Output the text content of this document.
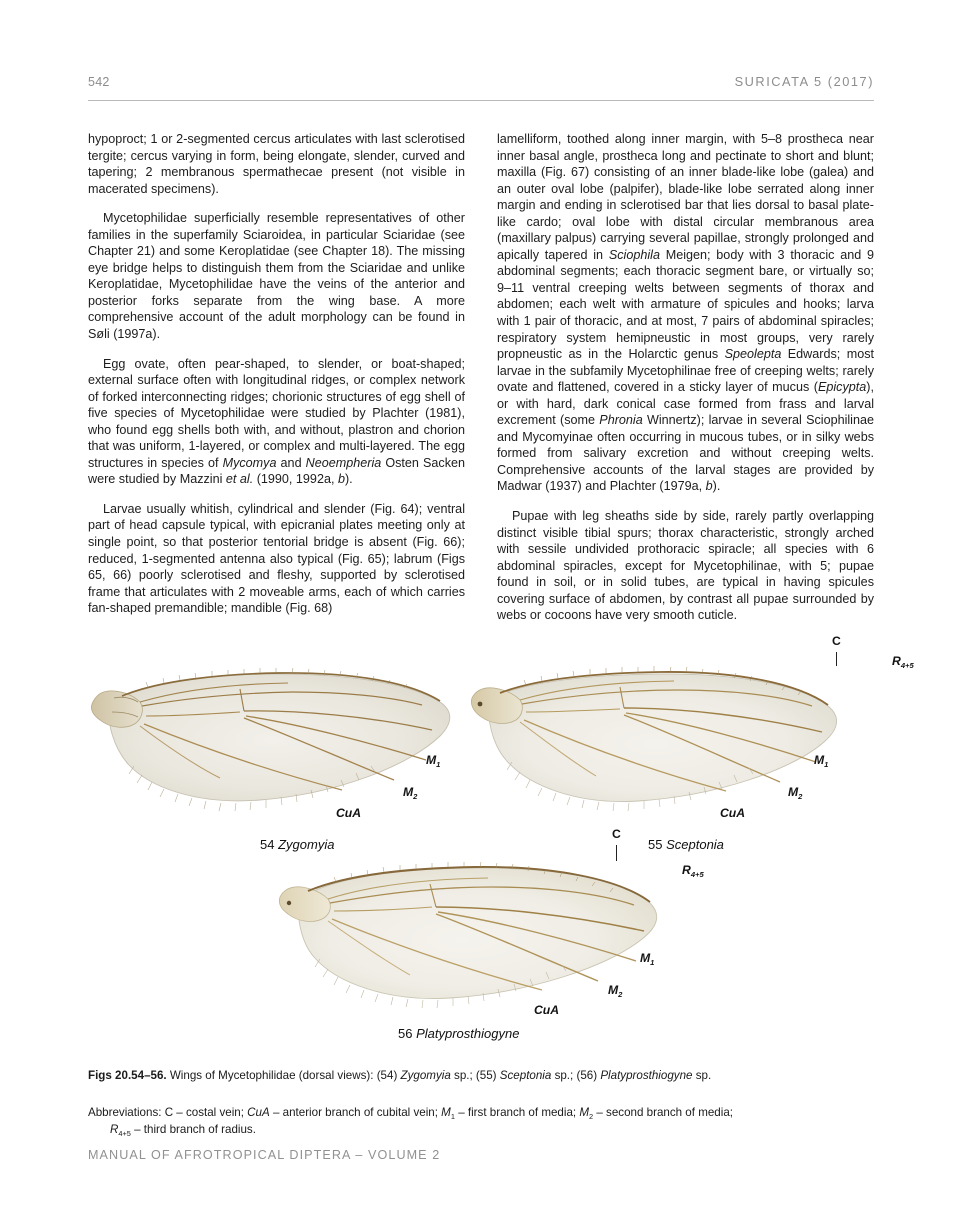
542	SURICATA 5 (2017)

hypoproct; 1 or 2-segmented cercus articulates with last sclerotised tergite; cercus varying in form, being elongate, slender, curved and tapering; 2 membranous spermathecae present (not visible in macerated specimens).

Mycetophilidae superficially resemble representatives of other families in the superfamily Sciaroidea, in particular Sciaridae (see Chapter 21) and some Keroplatidae (see Chapter 18). The missing eye bridge helps to distinguish them from the Sciaridae and unlike Keroplatidae, Mycetophilidae have the veins of the anterior and posterior forks separate from the wing base. A more comprehensive account of the adult morphology can be found in Søli (1997a).

Egg ovate, often pear-shaped, to slender, or boat-shaped; external surface often with longitudinal ridges, or complex network of forked interconnecting ridges; chorionic structures of egg shell of five species of Mycetophilidae were studied by Plachter (1981), who found egg shells both with, and without, plastron and chorion that was uniform, 1-layered, or complex and multi-layered. The egg structures in species of Mycomya and Neoempheria Osten Sacken were studied by Mazzini et al. (1990, 1992a, b).

Larvae usually whitish, cylindrical and slender (Fig. 64); ventral part of head capsule typical, with epicranial plates meeting only at single point, so that posterior tentorial bridge is absent (Fig. 66); reduced, 1-segmented antenna also typical (Fig. 65); labrum (Figs 65, 66) poorly sclerotised and fleshy, supported by sclerotised frame that articulates with 2 moveable arms, each of which carries fan-shaped premandible; mandible (Fig. 68)

lamelliform, toothed along inner margin, with 5–8 prostheca near inner basal angle, prostheca long and pectinate to short and blunt; maxilla (Fig. 67) consisting of an inner blade-like lobe (galea) and an outer oval lobe (palpifer), blade-like lobe serrated along inner margin and ending in sclerotised bar that lies dorsal to basal plate-like cardo; oval lobe with distal circular membranous area (maxillary palpus) carrying several papillae, strongly prolonged and apically tapered in Sciophila Meigen; body with 3 thoracic and 9 abdominal segments; each thoracic segment bare, or virtually so; 9–11 ventral creeping welts between segments of thorax and abdomen; each welt with armature of spicules and hooks; larva with 1 pair of thoracic, and at most, 7 pairs of abdominal spiracles; respiratory system hemipneustic in most groups, very rarely propneustic as in the Holarctic genus Speolepta Edwards; most larvae in the subfamily Mycetophilinae free of creeping welts; rarely ovate and flattened, covered in a sticky layer of mucus (Epicypta), or with hard, dark conical case formed from frass and larval excrement (some Phronia Winnertz); larvae in several Sciophilinae and Mycomyinae often occurring in mucous tubes, or in silky webs formed from salivary excretion and without creeping welts. Comprehensive accounts of the larval stages are provided by Madwar (1937) and Plachter (1979a, b).

Pupae with leg sheaths side by side, rarely partly overlapping distinct visible tibial spurs; thorax characteristic, strongly arched with sessile undivided prothoracic spiracle; all species with 6 abdominal spiracles, except for Mycetophilinae, with 5; pupae found in soil, or in solid tubes, are typical in having spicules covering surface of abdomen, by contrast all pupae surrounded by webs or cocoons have very smooth cuticle.

$M_1$
$M_2$
CuA
54 Zygomyia
C
$R_{4+5}$
$M_1$
$M_2$
CuA
55 Sceptonia
C
$R_{4+5}$
$M_1$
$M_2$
CuA
56 Platyprosthiogyne

Figs 20.54–56. Wings of Mycetophilidae (dorsal views): (54) Zygomyia sp.; (55) Sceptonia sp.; (56) Platyprosthiogyne sp.

Abbreviations: C – costal vein; CuA – anterior branch of cubital vein; $M_1$ – first branch of media; $M_2$ – second branch of media;
$R_{4+5}$ – third branch of radius.

MANUAL OF AFROTROPICAL DIPTERA – VOLUME 2
